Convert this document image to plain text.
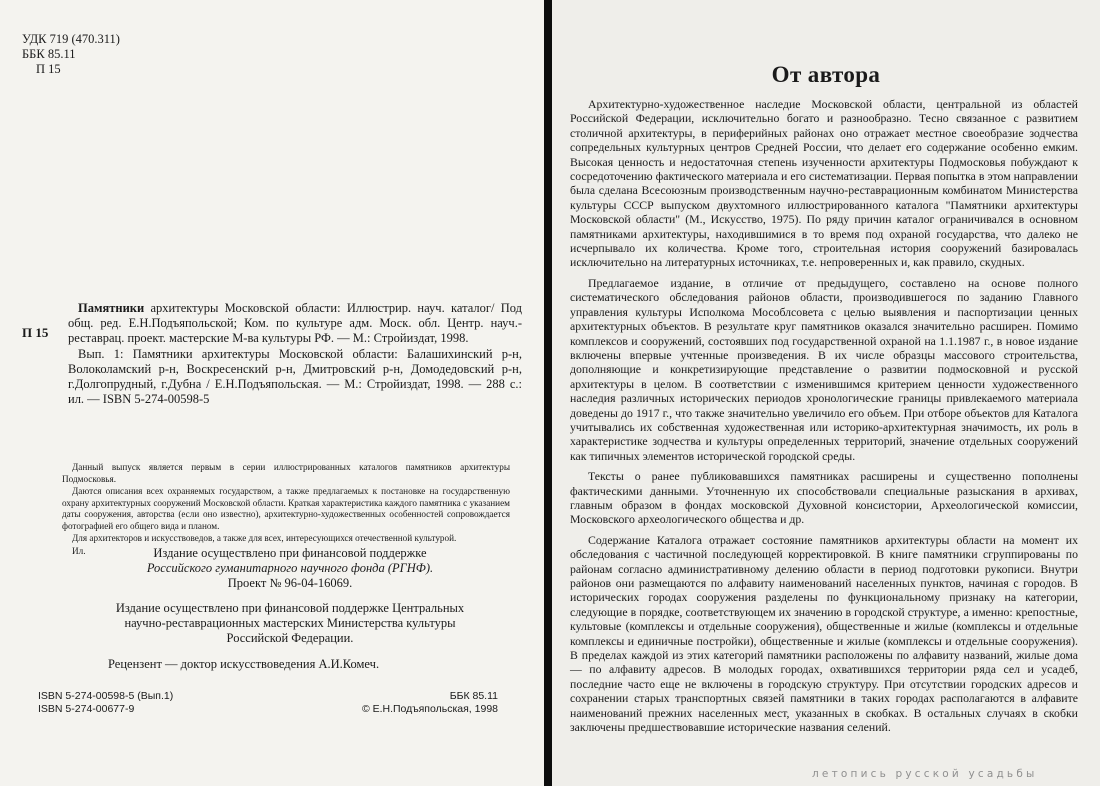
УДК 719 (470.311)
ББК 85.11
П 15
П 15

Памятники архитектуры Московской области: Иллюстрир. науч. каталог/ Под общ. ред. Е.Н.Подъяпольской; Ком. по культуре адм. Моск. обл. Центр. науч.-реставрац. проект. мастерские М-ва культуры РФ. — М.: Стройиздат, 1998.

Вып. 1: Памятники архитектуры Московской области: Балашихинский р-н, Волоколамский р-н, Воскресенский р-н, Дмитровский р-н, Домодедовский р-н, г.Долгопрудный, г.Дубна / Е.Н.Подъяпольская. — М.: Стройиздат, 1998. — 288 с.: ил. — ISBN 5-274-00598-5

Данный выпуск является первым в серии иллюстрированных каталогов памятников архитектуры Подмосковья.

Даются описания всех охраняемых государством, а также предлагаемых к постановке на государственную охрану архитектурных сооружений Московской области. Краткая характеристика каждого памятника с указанием даты сооружения, авторства (если оно известно), архитектурно-художественных особенностей сопровождается фотографией его общего вида и планом.

Для архитекторов и искусствоведов, а также для всех, интересующихся отечественной культурой.

Ил.	Издание осуществлено при финансовой поддержке
Российского гуманитарного научного фонда (РГНФ).
Проект № 96-04-16069.
Издание осуществлено при финансовой поддержке Центральных
научно-реставрационных мастерских Министерства культуры
Российской Федерации.
Рецензент — доктор искусствоведения А.И.Комеч.
ISBN 5-274-00598-5 (Вып.1)
ISBN 5-274-00677-9
ББК 85.11
© Е.Н.Подъяпольская, 1998
От автора

Архитектурно-художественное наследие Московской области, центральной из областей Российской Федерации, исключительно богато и разнообразно. Тесно связанное с развитием столичной архитектуры, в периферийных районах оно отражает местное своеобразие зодчества сопредельных культурных центров Средней России, что делает его содержание особенно емким. Высокая ценность и недостаточная степень изученности архитектуры Подмосковья побуждают к сосредоточению фактического материала и его систематизации. Первая попытка в этом направлении была сделана Всесоюзным производственным научно-реставрационным комбинатом Министерства культуры СССР выпуском двухтомного иллюстрированного каталога "Памятники архитектуры Московской области" (М., Искусство, 1975). По ряду причин каталог ограничивался в основном памятниками архитектуры, находившимися в то время под охраной государства, что далеко не исчерпывало их количества. Кроме того, строительная история сооружений базировалась исключительно на литературных источниках, т.е. непроверенных и, как правило, скудных.

Предлагаемое издание, в отличие от предыдущего, составлено на основе полного систематического обследования районов области, производившегося по заданию Главного управления культуры Исполкома Мособлсовета с целью выявления и паспортизации ценных архитектурных объектов. В результате круг памятников оказался значительно расширен. Помимо комплексов и сооружений, состоявших под государственной охраной на 1.1.1987 г., в новое издание включены впервые учтенные произведения. В их числе образцы массового строительства, дополняющие и конкретизирующие представление о развитии подмосковной и русской архитектуры в целом. В соответствии с изменившимся критерием ценности художественного наследия различных исторических периодов хронологические границы привлекаемого материала доведены до 1917 г., что также значительно увеличило его объем. При отборе объектов для Каталога учитывались их собственная художественная или историко-архитектурная значимость, их роль в характеристике зодчества и культуры определенных территорий, значение отдельных сооружений как типичных элементов исторической городской среды.

Тексты о ранее публиковавшихся памятниках расширены и существенно пополнены фактическими данными. Уточненную их способствовали специальные разыскания в архивах, главным образом в фондах московской Духовной консистории, Археологической комиссии, Московского археологического общества и др.

Содержание Каталога отражает состояние памятников архитектуры области на момент их обследования с частичной последующей корректировкой. В книге памятники сгруппированы по районам согласно административному делению области в период подготовки рукописи. Внутри районов они размещаются по алфавиту наименований населенных пунктов, начиная с городов. В исторических городах сооружения разделены по функциональному признаку на категории, следующие в порядке, соответствующем их значению в городской структуре, а именно: крепостные, культовые (комплексы и отдельные сооружения), общественные и жилые (комплексы и отдельные комплексы и единичные постройки), общественные и жилые (комплексы и отдельные сооружения). В пределах каждой из этих категорий памятники расположены по алфавиту названий, жилые дома — по алфавиту адресов. В молодых городах, охватившихся территории ряда сел и усадеб, последние часто еще не включены в городскую структуру. При отсутствии городских адресов и сохранении старых транспортных связей памятники в таких городах располагаются в алфавите наименований прежних населенных мест, указанных в скобках. В остальных случаях в скобки заключены предшествовавшие исторические названия селений.

летопись русской усадьбы
